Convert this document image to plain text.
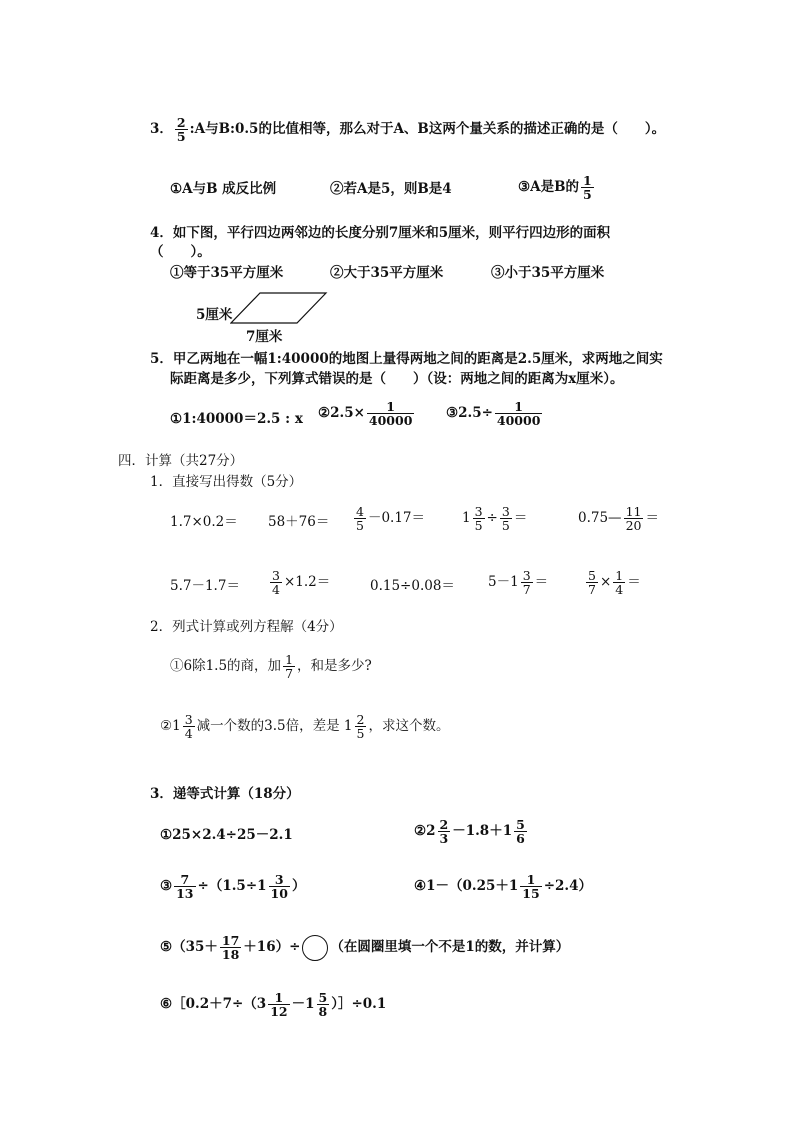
3． $\frac{2}{5}$ :A与B:0.5的比值相等，那么对于A、B这两个量关系的描述正确的是（　　）。
①A与B 成反比例	②若A是5，则B是4	③A是B的 $\frac{1}{5}$
4．如下图，平行四边两邻边的长度分别7厘米和5厘米，则平行四边形的面积
（　　）。
①等于35平方厘米	②大于35平方厘米	③小于35平方厘米
5厘米
7厘米
5．甲乙两地在一幅1:40000的地图上量得两地之间的距离是2.5厘米，求两地之间实
际距离是多少，下列算式错误的是（　　）（设：两地之间的距离为x厘米）。
①1:40000＝2.5 : x ②2.5× $\frac{1}{40000}$ ③2.5÷ $\frac{1}{40000}$
四．计算（共27分）
1．直接写出得数（5分）
$1.7\times 0.2= 58+76= \frac{4}{5} -0.17=$	$1 \frac{3}{5} \div \frac{3}{5}$ ＝	0.75— $\frac{11}{20}$ ＝
$5.7-1.7= \frac{3}{4} \times 1.2=$	$0.15\div 0.08= 5-1 \frac{3}{7}$ ＝	$\frac{5}{7} \times \frac{1}{4}$ ＝
2．列式计算或列方程解（4分）
①6除1.5的商，加 $\frac{1}{7}$ ，和是多少?
②1 $\frac{3}{4}$ 减一个数的3.5倍，差是 $1 \frac{2}{5}$ ，求这个数。
3．递等式计算（18分）
①25×2.4÷25－2.1	②2 $\frac{2}{3} -1.8+1 \frac{5}{6}$
③ $\frac{7}{13} \div(1.5\div 1 \frac{3}{10}$ ）	④1－（0.25＋1 $\frac{1}{15} \div 2.4$）
⑤（35＋ $\frac{17}{18} +16)\div$ （在圆圈里填一个不是1的数，并计算）
⑥［0.2＋7÷（3 $\frac{1}{12} -1 \frac{5}{8}$ ）］÷0.1
